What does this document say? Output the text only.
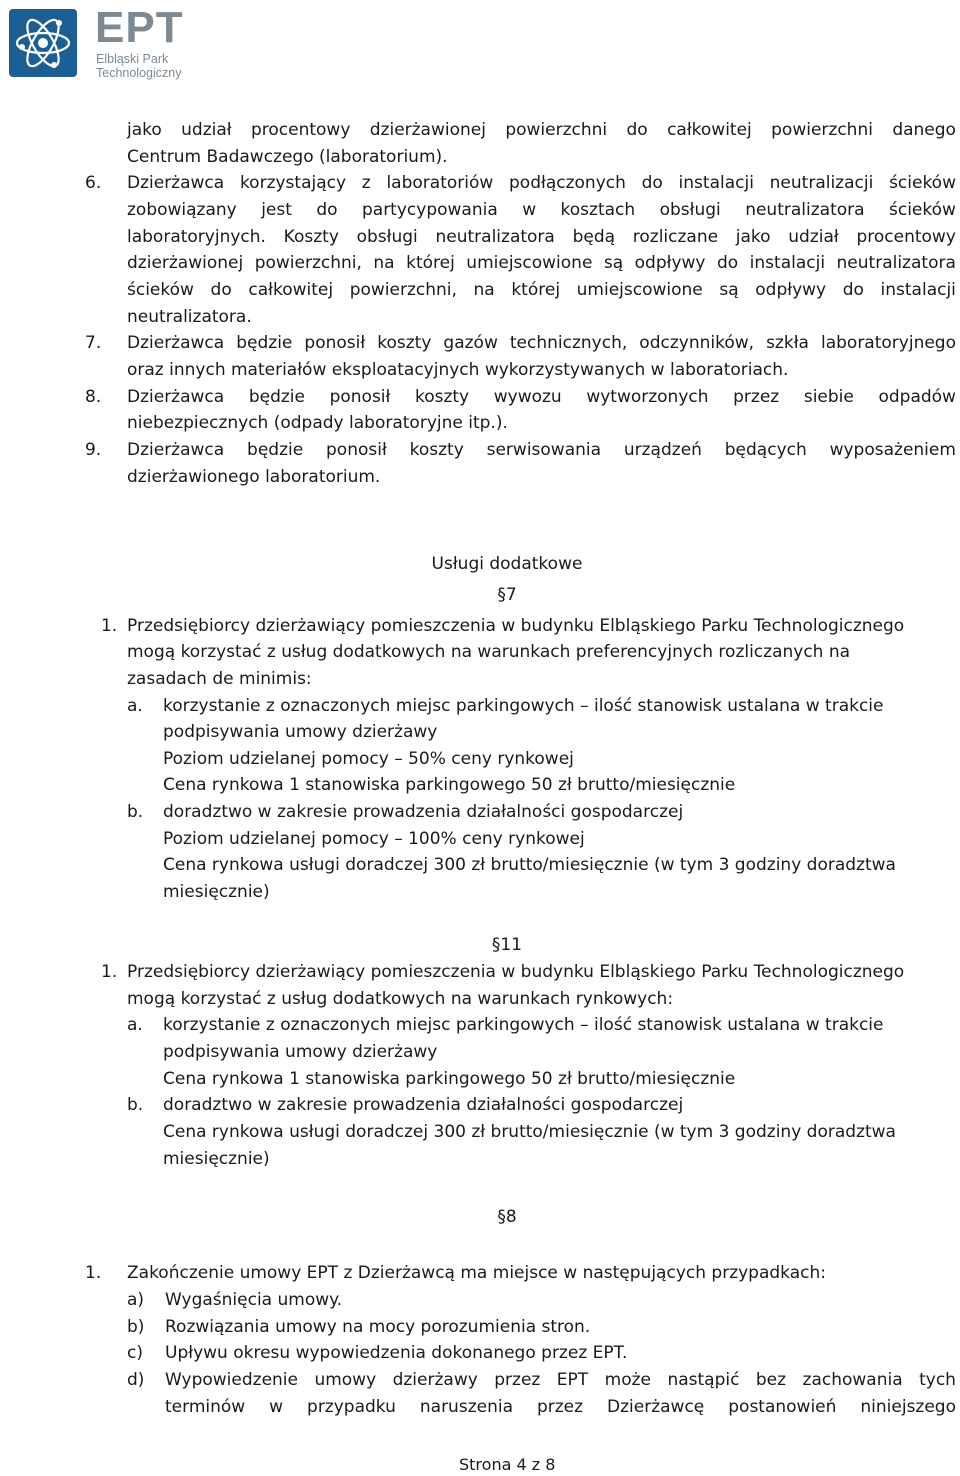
EPT
Elbląski Park
Technologiczny
jako udział procentowy dzierżawionej powierzchni do całkowitej powierzchni danego
Centrum Badawczego (laboratorium).
6. Dzierżawca korzystający z laboratoriów podłączonych do instalacji neutralizacji ścieków
zobowiązany jest do partycypowania w kosztach obsługi neutralizatora ścieków
laboratoryjnych. Koszty obsługi neutralizatora będą rozliczane jako udział procentowy
dzierżawionej powierzchni, na której umiejscowione są odpływy do instalacji neutralizatora
ścieków do całkowitej powierzchni, na której umiejscowione są odpływy do instalacji
neutralizatora.
7. Dzierżawca będzie ponosił koszty gazów technicznych, odczynników, szkła laboratoryjnego
oraz innych materiałów eksploatacyjnych wykorzystywanych w laboratoriach.
8. Dzierżawca będzie ponosił koszty wywozu wytworzonych przez siebie odpadów
niebezpiecznych (odpady laboratoryjne itp.).
9. Dzierżawca będzie ponosił koszty serwisowania urządzeń będących wyposażeniem
dzierżawionego laboratorium.
Usługi dodatkowe
§7
1. Przedsiębiorcy dzierżawiący pomieszczenia w budynku Elbląskiego Parku Technologicznego
mogą korzystać z usług dodatkowych na warunkach preferencyjnych rozliczanych na
zasadach de minimis:
a. korzystanie z oznaczonych miejsc parkingowych – ilość stanowisk ustalana w trakcie
podpisywania umowy dzierżawy
Poziom udzielanej pomocy – 50% ceny rynkowej
Cena rynkowa 1 stanowiska parkingowego 50 zł brutto/miesięcznie
b. doradztwo w zakresie prowadzenia działalności gospodarczej
Poziom udzielanej pomocy – 100% ceny rynkowej
Cena rynkowa usługi doradczej 300 zł brutto/miesięcznie (w tym 3 godziny doradztwa
miesięcznie)
§11
1. Przedsiębiorcy dzierżawiący pomieszczenia w budynku Elbląskiego Parku Technologicznego
mogą korzystać z usług dodatkowych na warunkach rynkowych:
a. korzystanie z oznaczonych miejsc parkingowych – ilość stanowisk ustalana w trakcie
podpisywania umowy dzierżawy
Cena rynkowa 1 stanowiska parkingowego 50 zł brutto/miesięcznie
b. doradztwo w zakresie prowadzenia działalności gospodarczej
Cena rynkowa usługi doradczej 300 zł brutto/miesięcznie (w tym 3 godziny doradztwa
miesięcznie)
§8
1. Zakończenie umowy EPT z Dzierżawcą ma miejsce w następujących przypadkach:
a) Wygaśnięcia umowy.
b) Rozwiązania umowy na mocy porozumienia stron.
c) Upływu okresu wypowiedzenia dokonanego przez EPT.
d) Wypowiedzenie umowy dzierżawy przez EPT może nastąpić bez zachowania tych
terminów w przypadku naruszenia przez Dzierżawcę postanowień niniejszego
Strona 4 z 8
